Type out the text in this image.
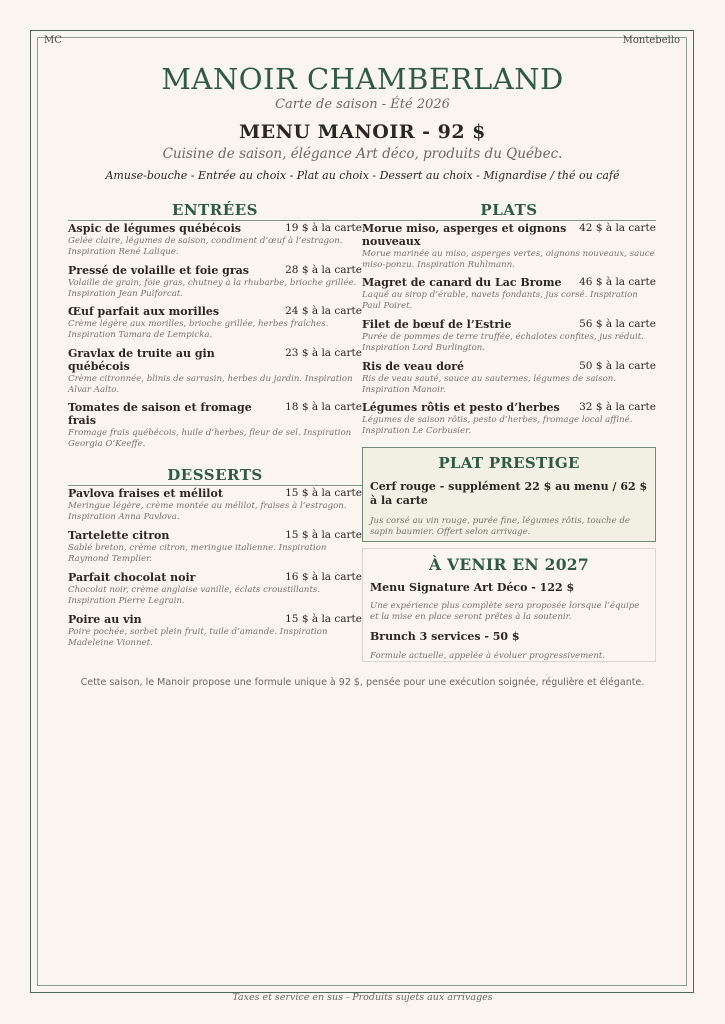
MC	Montebello
MANOIR CHAMBERLAND
Carte de saison - Été 2026
MENU MANOIR - 92 $
Cuisine de saison, élégance Art déco, produits du Québec.
Amuse-bouche - Entrée au choix - Plat au choix - Dessert au choix - Mignardise / thé ou café
ENTRÉES
Aspic de légumes québécois	19 $ à la carte
Gelée claire, légumes de saison, condiment d’œuf à l’estragon. Inspiration René Lalique.
Pressé de volaille et foie gras	28 $ à la carte
Volaille de grain, foie gras, chutney à la rhubarbe, brioche grillée. Inspiration Jean Puiforcat.
Œuf parfait aux morilles	24 $ à la carte
Crème légère aux morilles, brioche grillée, herbes fraîches. Inspiration Tamara de Lempicka.
Gravlax de truite au gin québécois
23 $ à la carte
Crème citronnée, blinis de sarrasin, herbes du jardin. Inspiration Alvar Aalto.
Tomates de saison et fromage frais
18 $ à la carte
Fromage frais québécois, huile d’herbes, fleur de sel. Inspiration Georgia O’Keeffe.
PLATS
Morue miso, asperges et oignons nouveaux
42 $ à la carte
Morue marinée au miso, asperges vertes, oignons nouveaux, sauce miso-ponzu. Inspiration Ruhlmann.
Magret de canard du Lac Brome 46 $ à la carte
Laqué au sirop d’érable, navets fondants, jus corsé. Inspiration Paul Poiret.
Filet de bœuf de l’Estrie	56 $ à la carte
Purée de pommes de terre truffée, échalotes confites, jus réduit. Inspiration Lord Burlington.
Ris de veau doré	50 $ à la carte
Ris de veau sauté, sauce au sauternes, légumes de saison. Inspiration Manoir.
Légumes rôtis et pesto d’herbes 32 $ à la carte
Légumes de saison rôtis, pesto d’herbes, fromage local affiné. Inspiration Le Corbusier.
DESSERTS
Pavlova fraises et mélilot	15 $ à la carte
Meringue légère, crème montée au mélilot, fraises à l’estragon. Inspiration Anna Pavlova.
Tartelette citron	15 $ à la carte
Sablé breton, crème citron, meringue italienne. Inspiration Raymond Templier.
Parfait chocolat noir	16 $ à la carte
Chocolat noir, crème anglaise vanille, éclats croustillants. Inspiration Pierre Legrain.
Poire au vin	15 $ à la carte
Poire pochée, sorbet plein fruit, tuile d’amande. Inspiration Madeleine Vionnet.
PLAT PRESTIGE
Cerf rouge - supplément 22 $ au menu / 62 $ à la carte
Jus corsé au vin rouge, purée fine, légumes rôtis, touche de sapin baumier. Offert selon arrivage.
À VENIR EN 2027
Menu Signature Art Déco - 122 $
Une expérience plus complète sera proposée lorsque l’équipe et la mise en place seront prêtes à la soutenir.
Brunch 3 services - 50 $
Formule actuelle, appelée à évoluer progressivement.
Cette saison, le Manoir propose une formule unique à 92 $, pensée pour une exécution soignée, régulière et élégante.
Taxes et service en sus - Produits sujets aux arrivages
